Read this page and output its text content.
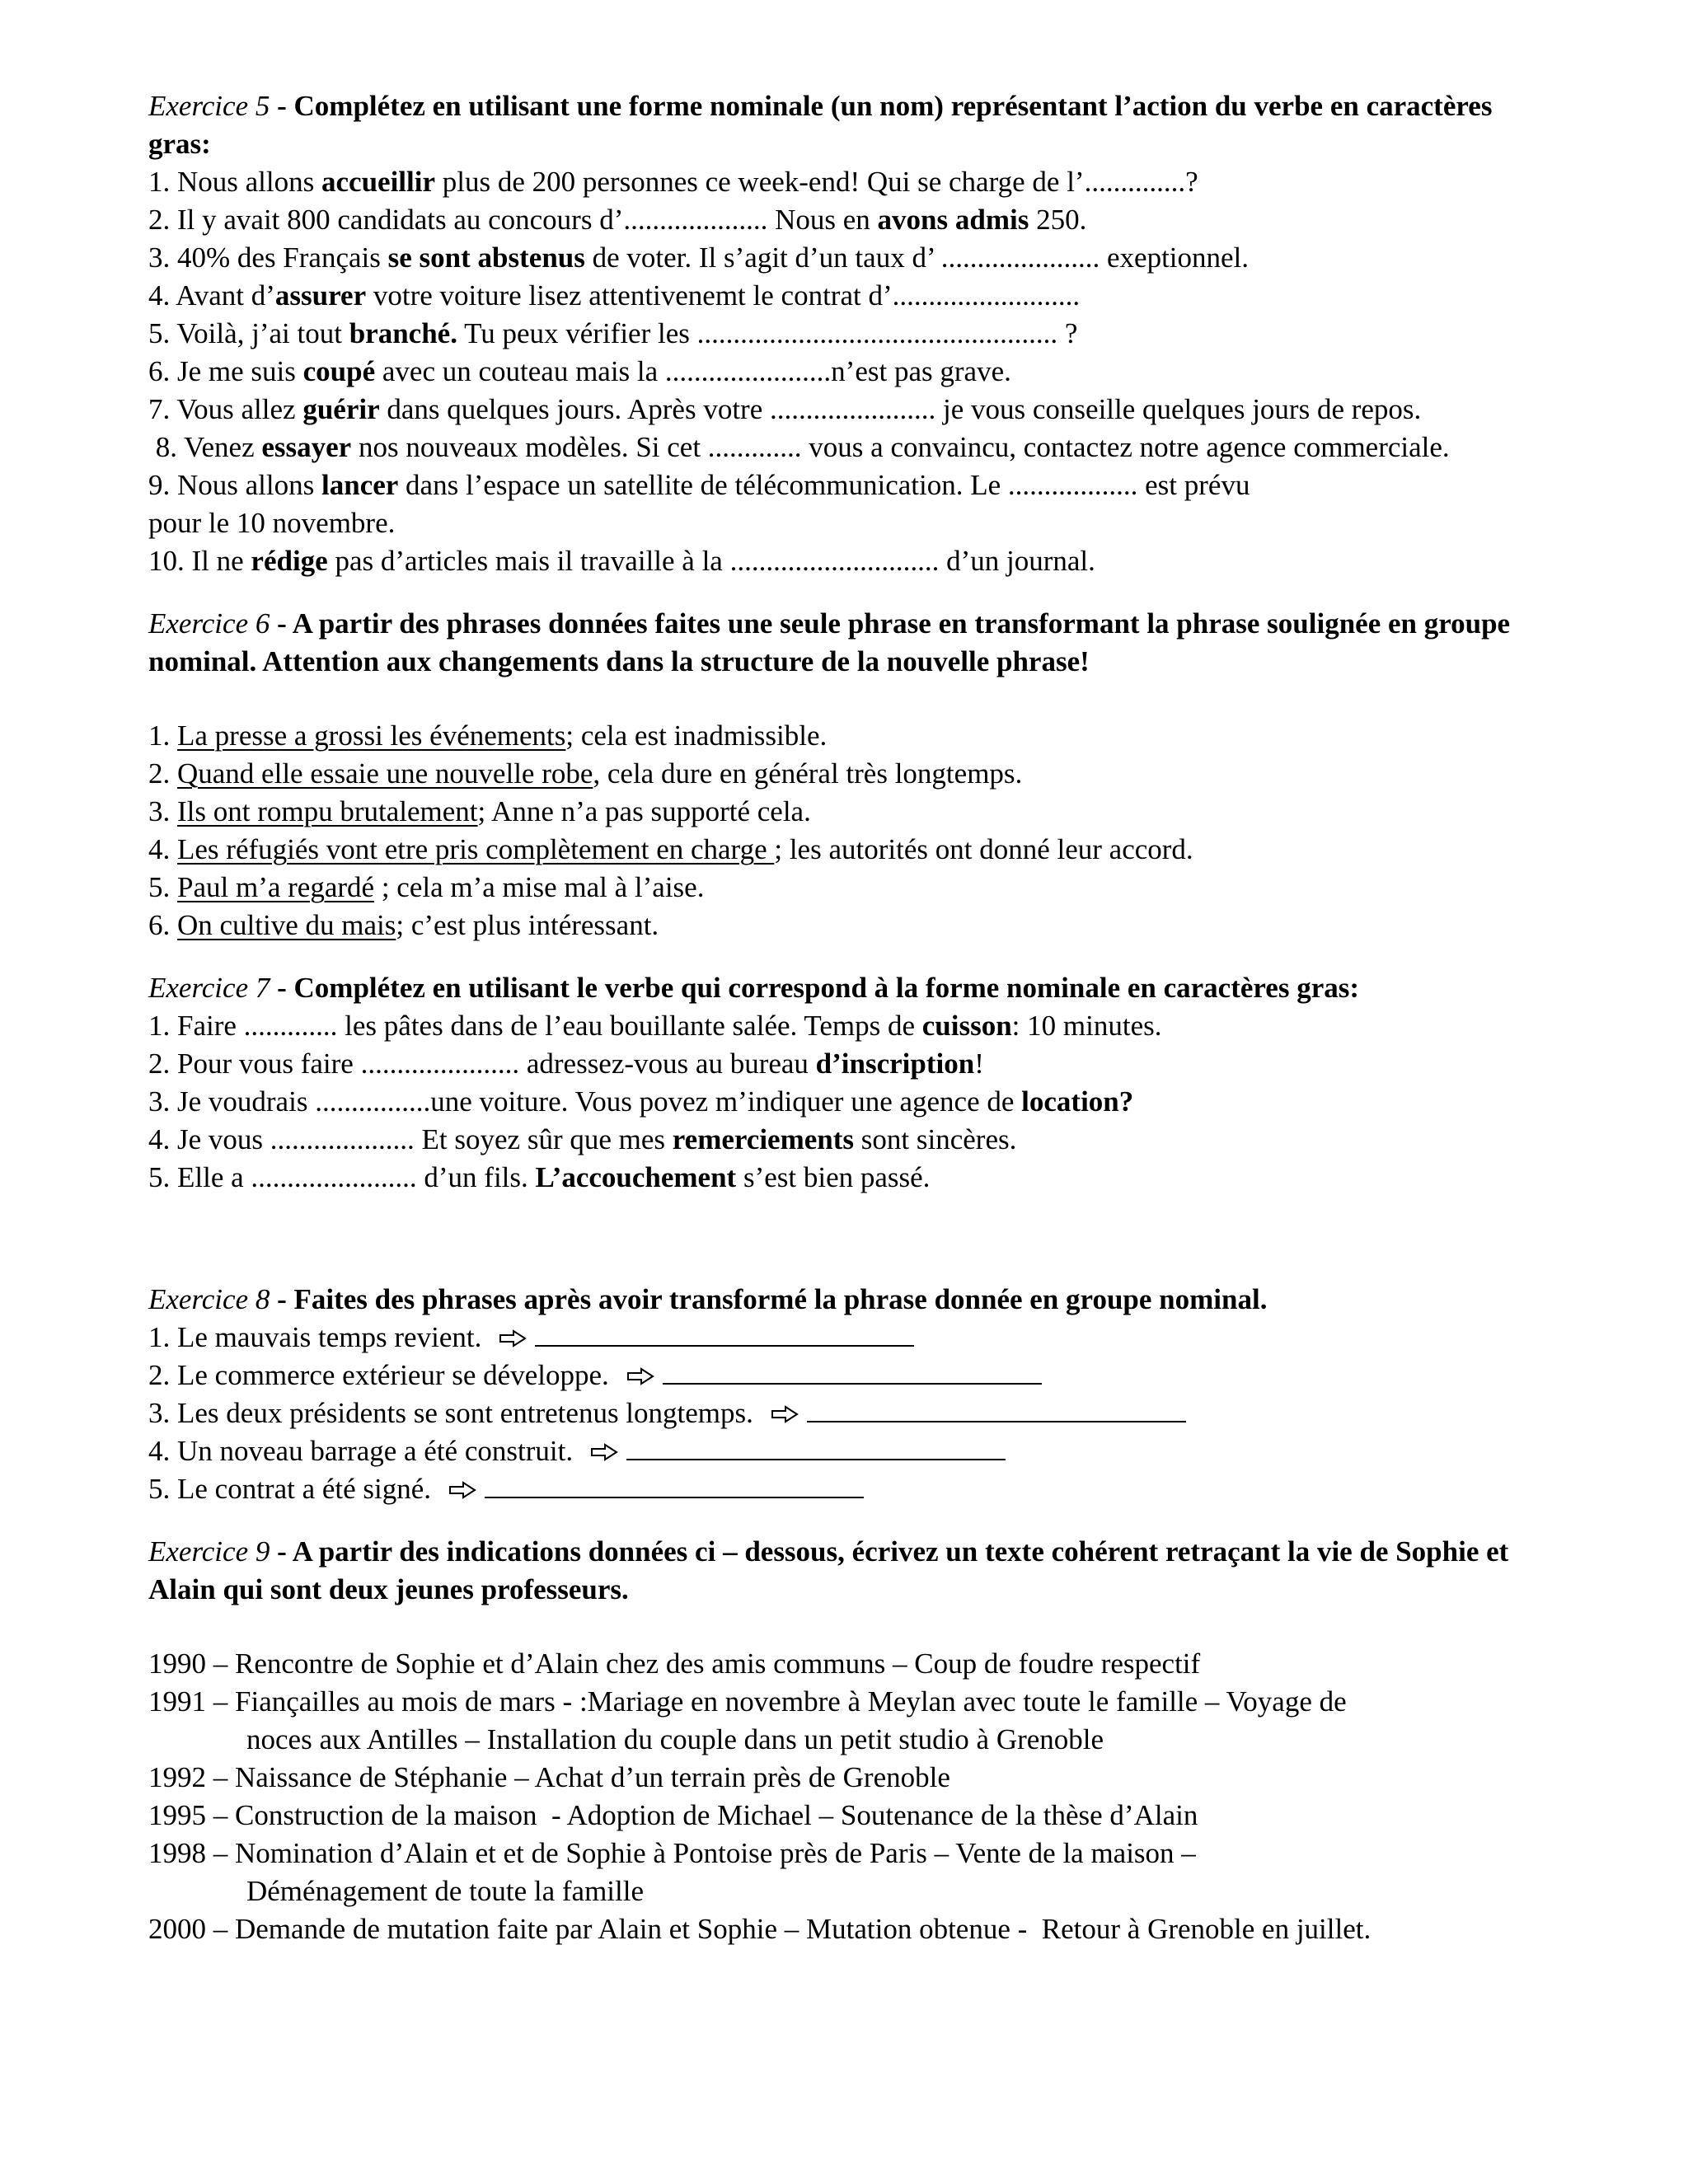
Exercice 5 - Complétez en utilisant une forme nominale (un nom) représentant l’action du verbe en caractères gras:
1. Nous allons accueillir plus de 200 personnes ce week-end! Qui se charge de l’..............?
2. Il y avait 800 candidats au concours d’.................... Nous en avons admis 250.
3. 40% des Français se sont abstenus de voter. Il s’agit d’un taux d’ ...................... exeptionnel.
4. Avant d’assurer votre voiture lisez attentivenemt le contrat d’..........................
5. Voilà, j’ai tout branché. Tu peux vérifier les .................................................. ?
6. Je me suis coupé avec un couteau mais la .......................n’est pas grave.
7. Vous allez guérir dans quelques jours. Après votre ....................... je vous conseille quelques jours de repos.
8. Venez essayer nos nouveaux modèles. Si cet ............. vous a convaincu, contactez notre agence commerciale.
9. Nous allons lancer dans l’espace un satellite de télécommunication. Le .................. est prévu pour le 10 novembre.
10. Il ne rédige pas d’articles mais il travaille à la ............................. d’un journal.
Exercice 6 - A partir des phrases données faites une seule phrase en transformant la phrase soulignée en groupe nominal. Attention aux changements dans la structure de la nouvelle phrase!
1. La presse a grossi les événements; cela est inadmissible.
2. Quand elle essaie une nouvelle robe, cela dure en général très longtemps.
3. Ils ont rompu brutalement; Anne n’a pas supporté cela.
4. Les réfugiés vont etre pris complètement en charge ; les autorités ont donné leur accord.
5. Paul m’a regardé ; cela m’a mise mal à l’aise.
6. On cultive du mais; c’est plus intéressant.
Exercice 7 - Complétez en utilisant le verbe qui correspond à la forme nominale en caractères gras:
1. Faire ............. les pâtes dans de l’eau bouillante salée. Temps de cuisson: 10 minutes.
2. Pour vous faire ...................... adressez-vous au bureau d’inscription!
3. Je voudrais ................une voiture. Vous povez m’indiquer une agence de location?
4. Je vous .................... Et soyez sûr que mes remerciements sont sincères.
5. Elle a ....................... d’un fils. L’accouchement s’est bien passé.
Exercice 8 - Faites des phrases après avoir transformé la phrase donnée en groupe nominal.
1. Le mauvais temps revient.
2. Le commerce extérieur se développe.
3. Les deux présidents se sont entretenus longtemps.
4. Un noveau barrage a été construit.
5. Le contrat a été signé.
Exercice 9 - A partir des indications données ci – dessous, écrivez un texte cohérent retraçant la vie de Sophie et Alain qui sont deux jeunes professeurs.
1990 – Rencontre de Sophie et d’Alain chez des amis communs – Coup de foudre respectif
1991 – Fiançailles au mois de mars - :Mariage en novembre à Meylan avec toute le famille – Voyage de
noces aux Antilles – Installation du couple dans un petit studio à Grenoble
1992 – Naissance de Stéphanie – Achat d’un terrain près de Grenoble
1995 – Construction de la maison  - Adoption de Michael – Soutenance de la thèse d’Alain
1998 – Nomination d’Alain et et de Sophie à Pontoise près de Paris – Vente de la maison –
Déménagement de toute la famille
2000 – Demande de mutation faite par Alain et Sophie – Mutation obtenue -  Retour à Grenoble en juillet.
